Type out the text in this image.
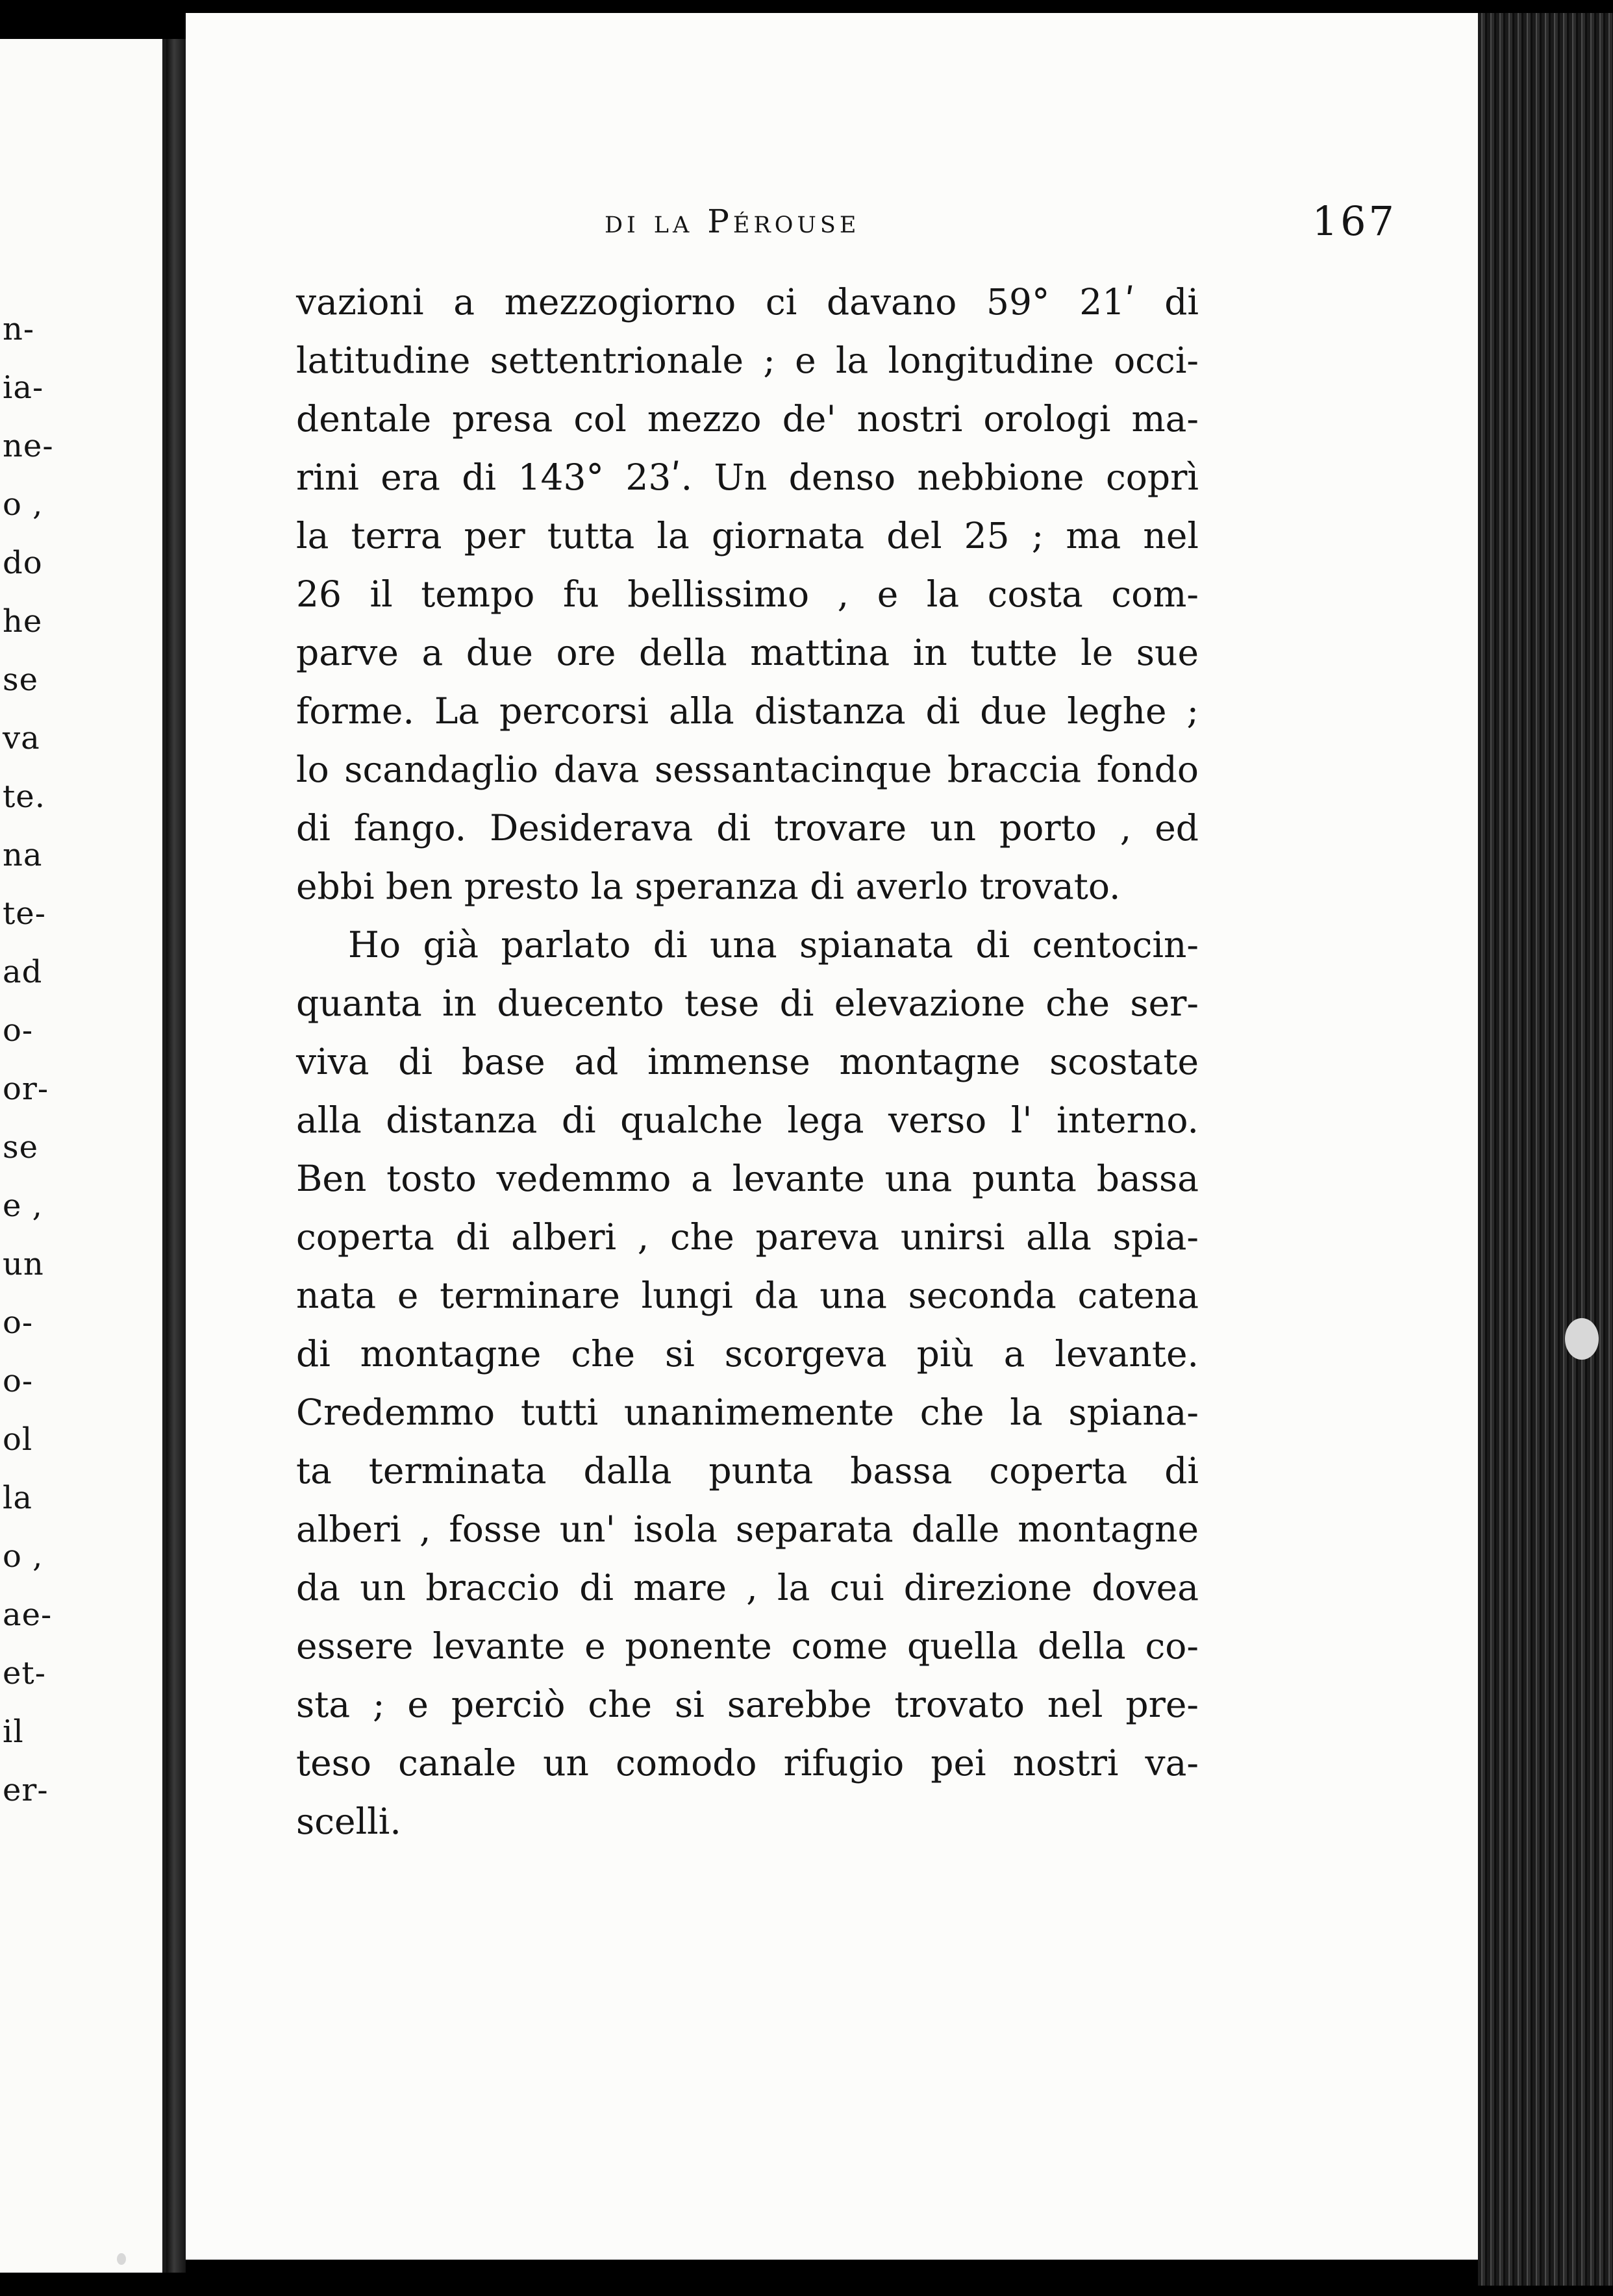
n-
ia-
ne-
o ,
do
he
se
va
te.
na
te-
ad
o-
or-
se
e ,
un
o-
o-
ol
la
o ,
ae-
et-
il
er-
di la Pérouse	167
vazioni a mezzogiorno ci davano 59° 21ʹ di
latitudine settentrionale ; e la longitudine occi-
dentale presa col mezzo de' nostri orologi ma-
rini era di 143° 23ʹ. Un denso nebbione coprì
la terra per tutta la giornata del 25 ; ma nel
26 il tempo fu bellissimo , e la costa com-
parve a due ore della mattina in tutte le sue
forme. La percorsi alla distanza di due leghe ;
lo scandaglio dava sessantacinque braccia fondo
di fango. Desiderava di trovare un porto , ed
ebbi ben presto la speranza di averlo trovato.
Ho già parlato di una spianata di centocin-
quanta in duecento tese di elevazione che ser-
viva di base ad immense montagne scostate
alla distanza di qualche lega verso l' interno.
Ben tosto vedemmo a levante una punta bassa
coperta di alberi , che pareva unirsi alla spia-
nata e terminare lungi da una seconda catena
di montagne che si scorgeva più a levante.
Credemmo tutti unanimemente che la spiana-
ta terminata dalla punta bassa coperta di
alberi , fosse un' isola separata dalle montagne
da un braccio di mare , la cui direzione dovea
essere levante e ponente come quella della co-
sta ; e perciò che si sarebbe trovato nel pre-
teso canale un comodo rifugio pei nostri va-
scelli.
